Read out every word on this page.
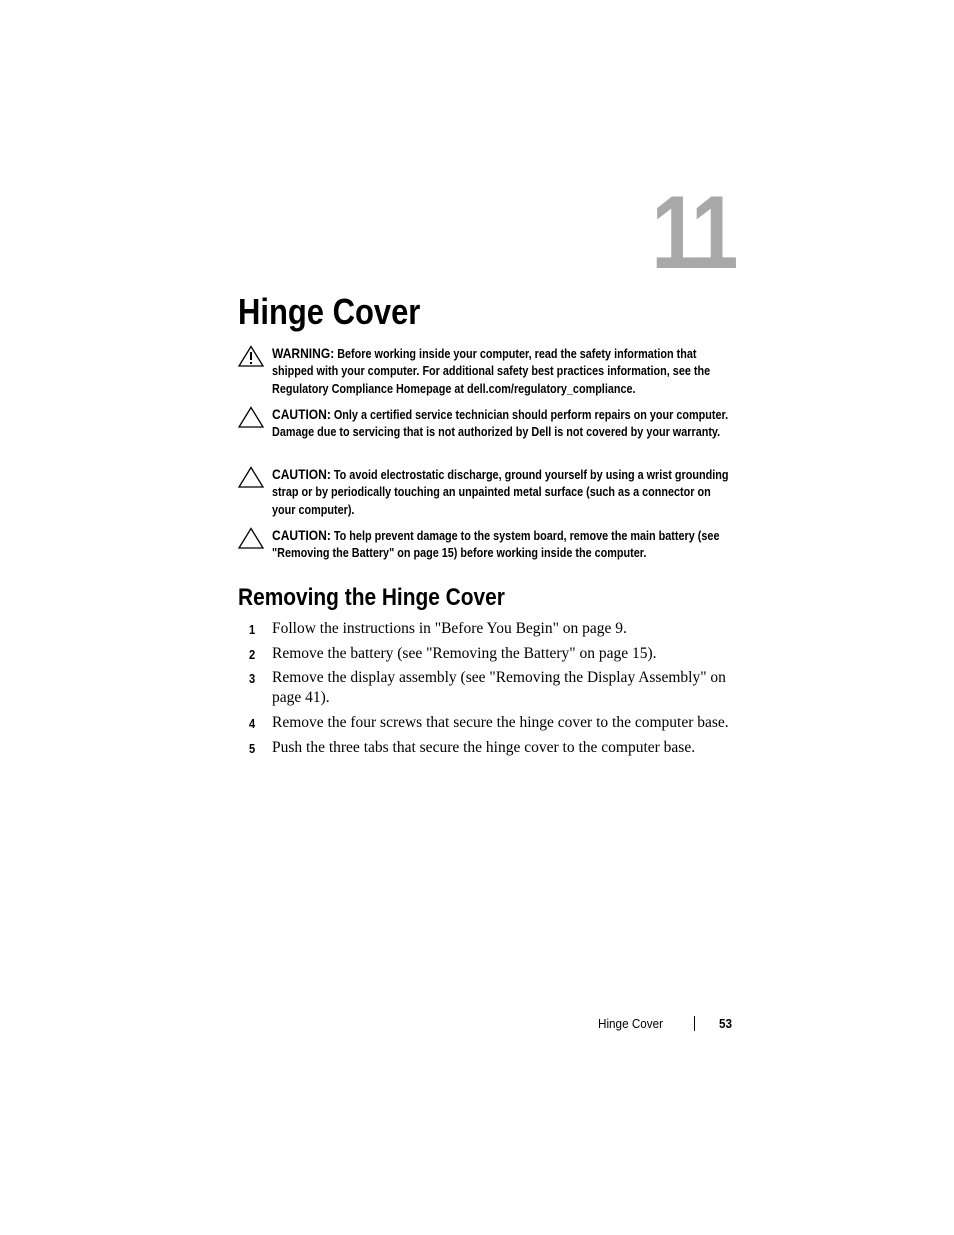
11
Hinge Cover
WARNING: Before working inside your computer, read the safety information that shipped with your computer. For additional safety best practices information, see the Regulatory Compliance Homepage at dell.com/regulatory_compliance.
CAUTION: Only a certified service technician should perform repairs on your computer. Damage due to servicing that is not authorized by Dell is not covered by your warranty.
CAUTION: To avoid electrostatic discharge, ground yourself by using a wrist grounding strap or by periodically touching an unpainted metal surface (such as a connector on your computer).
CAUTION: To help prevent damage to the system board, remove the main battery (see "Removing the Battery" on page 15) before working inside the computer.
Removing the Hinge Cover
1 Follow the instructions in "Before You Begin" on page 9.
2 Remove the battery (see "Removing the Battery" on page 15).
3 Remove the display assembly (see "Removing the Display Assembly" on page 41).
4 Remove the four screws that secure the hinge cover to the computer base.
5 Push the three tabs that secure the hinge cover to the computer base.
Hinge Cover	53
